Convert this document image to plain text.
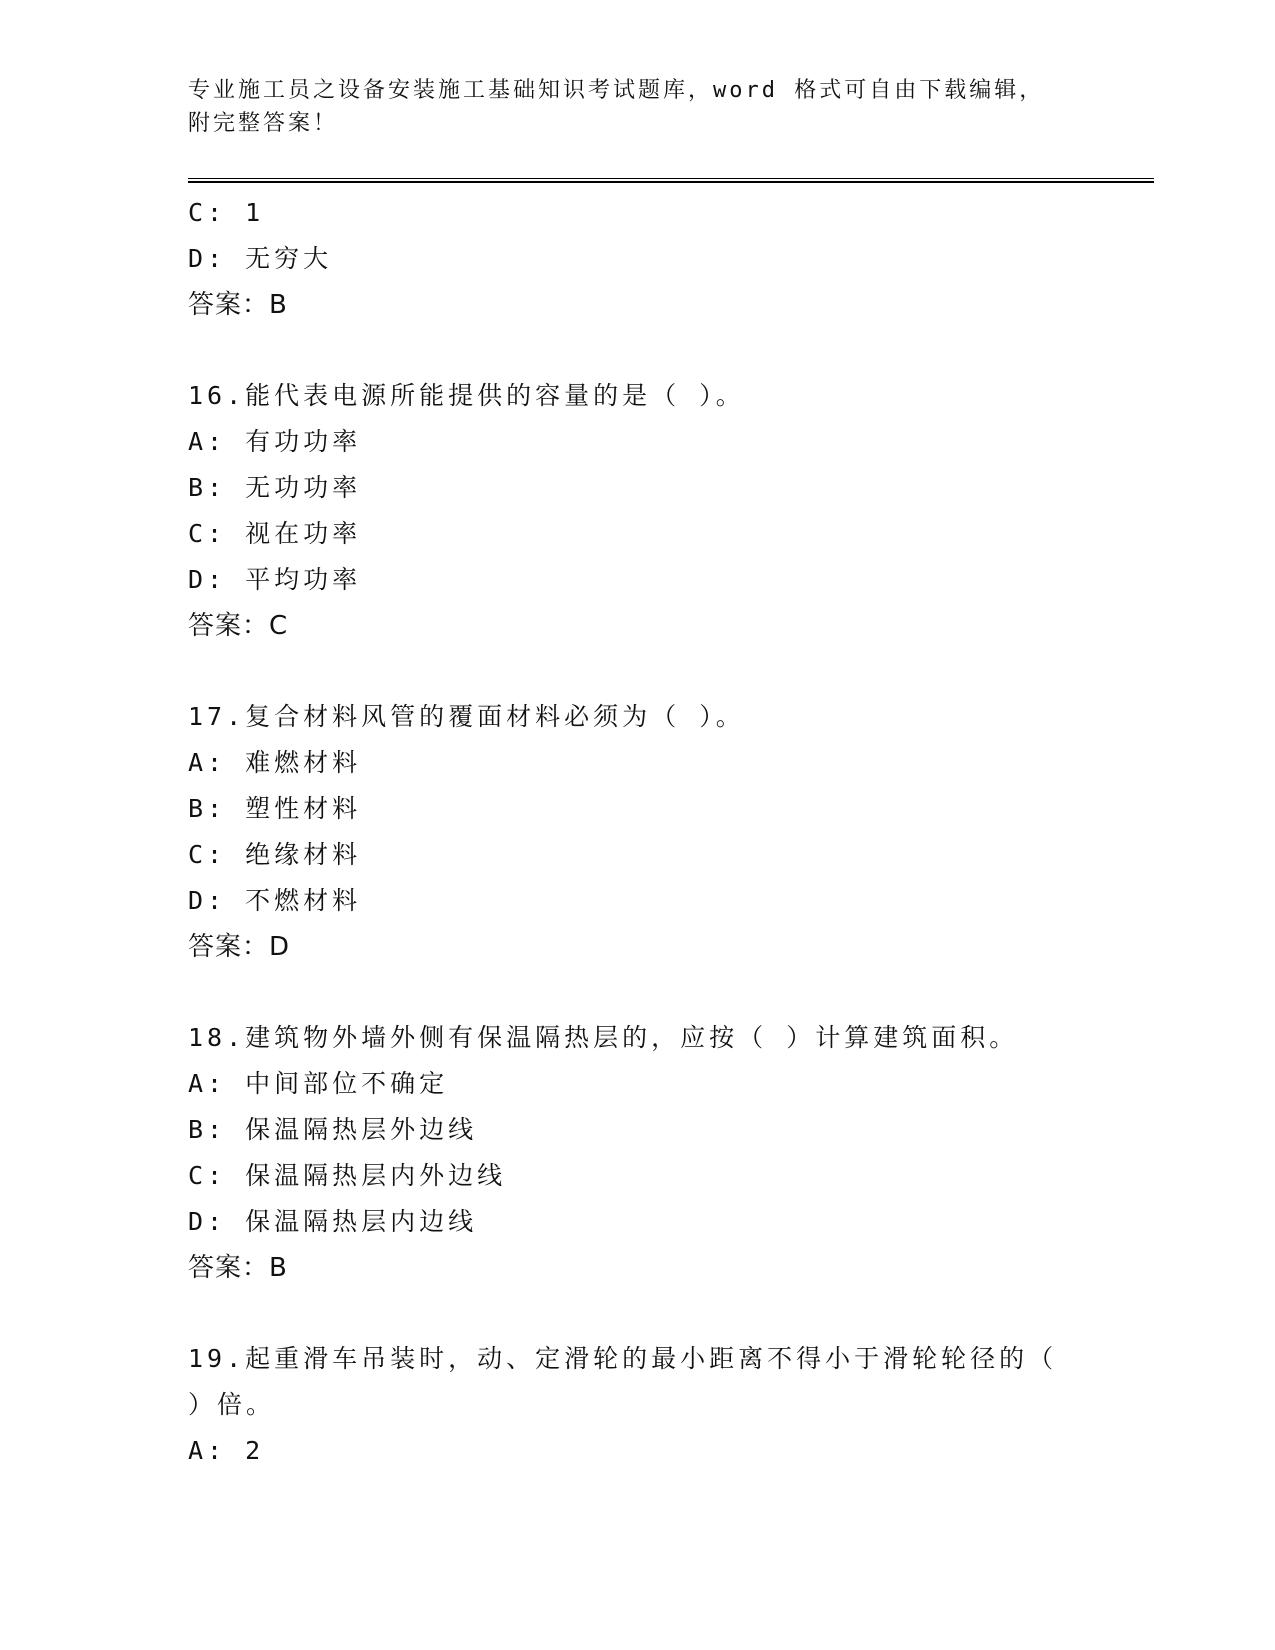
专业施工员之设备安装施工基础知识考试题库，word 格式可自由下载编辑，附完整答案！
C: 1
D: 无穷大
答案：B
16.能代表电源所能提供的容量的是（ ）。
A: 有功功率
B: 无功功率
C: 视在功率
D: 平均功率
答案：C
17.复合材料风管的覆面材料必须为（ ）。
A: 难燃材料
B: 塑性材料
C: 绝缘材料
D: 不燃材料
答案：D
18.建筑物外墙外侧有保温隔热层的，应按（ ）计算建筑面积。
A: 中间部位不确定
B: 保温隔热层外边线
C: 保温隔热层内外边线
D: 保温隔热层内边线
答案：B
19.起重滑车吊装时，动、定滑轮的最小距离不得小于滑轮轮径的（ ）倍。
A: 2
